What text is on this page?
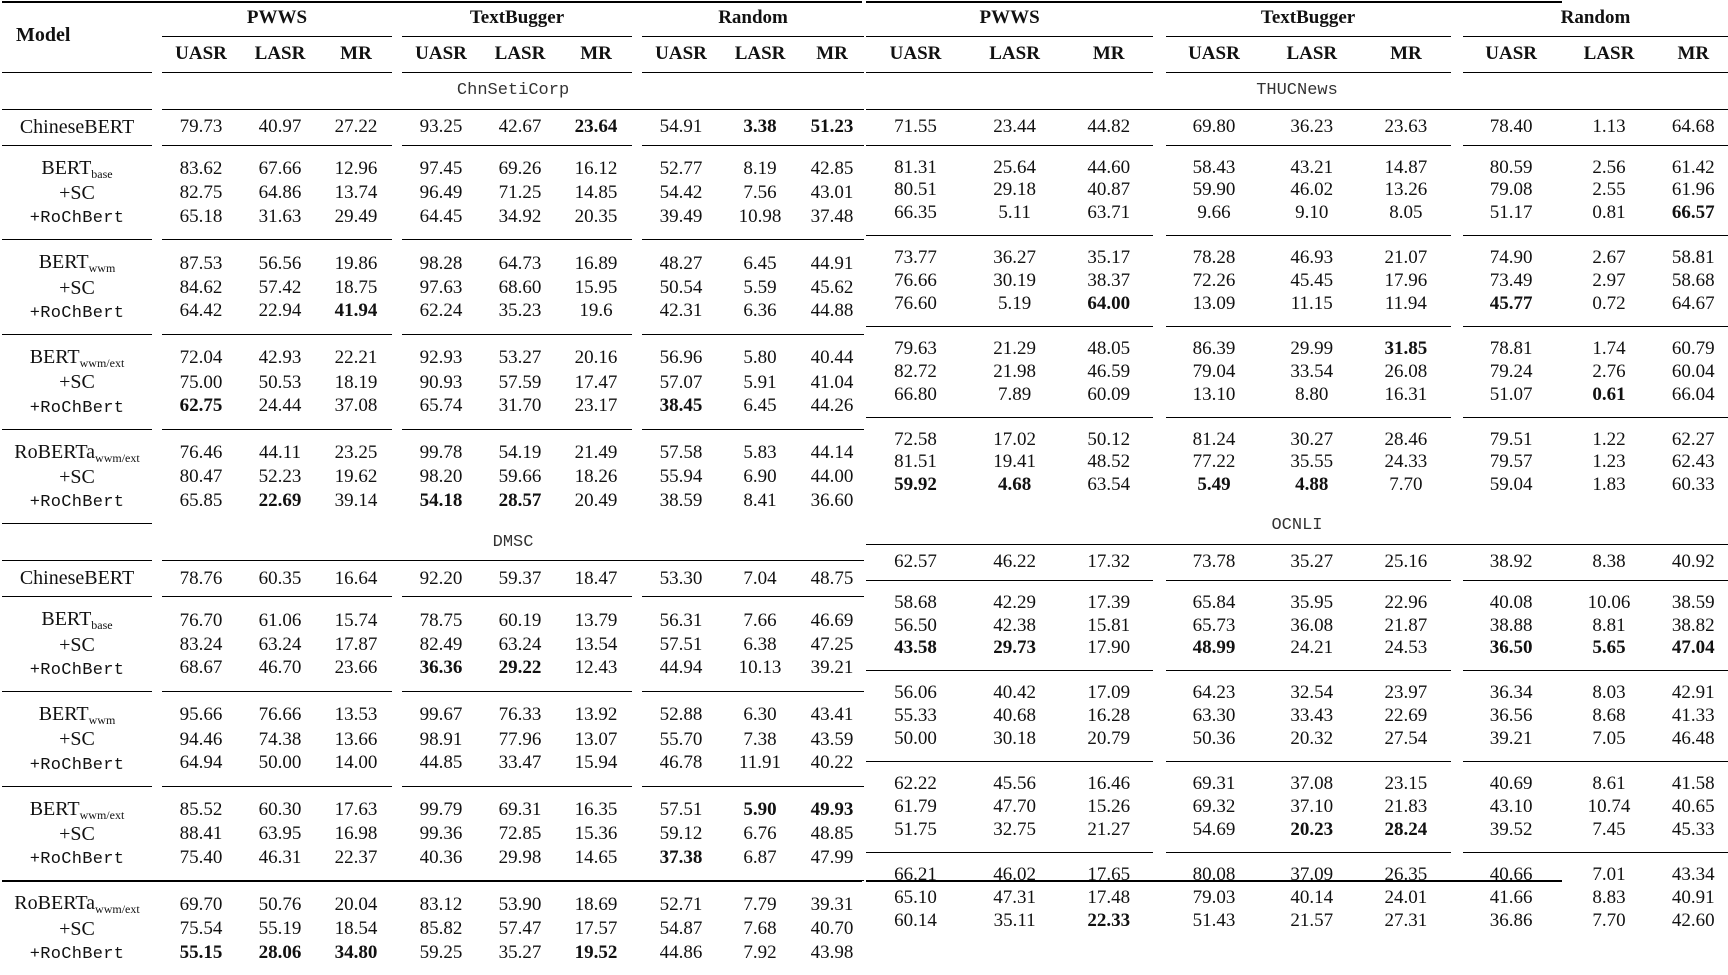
Model		PWWS				TextBugger				Random		
		UASR	LASR	MR		UASR	LASR	MR		UASR	LASR	MR
		ChnSetiCorp										
ChineseBERT		79.73	40.97	27.22		93.25	42.67	23.64		54.91	3.38	51.23
$BERT_{base}$		83.62	67.66	12.96		97.45	69.26	16.12		52.77	8.19	42.85
+SC		82.75	64.86	13.74		96.49	71.25	14.85		54.42	7.56	43.01
+RoChBert		65.18	31.63	29.49		64.45	34.92	20.35		39.49	10.98	37.48
$BERT_{wwm}$		87.53	56.56	19.86		98.28	64.73	16.89		48.27	6.45	44.91
+SC		84.62	57.42	18.75		97.63	68.60	15.95		50.54	5.59	45.62
+RoChBert		64.42	22.94	41.94		62.24	35.23	19.6		42.31	6.36	44.88
$BERT_{wwm/ext}$		72.04	42.93	22.21		92.93	53.27	20.16		56.96	5.80	40.44
+SC		75.00	50.53	18.19		90.93	57.59	17.47		57.07	5.91	41.04
+RoChBert		62.75	24.44	37.08		65.74	31.70	23.17		38.45	6.45	44.26
RoBERTa$_{wwm/ext}$		76.46	44.11	23.25		99.78	54.19	21.49		57.58	5.83	44.14
+SC		80.47	52.23	19.62		98.20	59.66	18.26		55.94	6.90	44.00
+RoChBert		65.85	22.69	39.14		54.18	28.57	20.49		38.59	8.41	36.60
		DMSC										
ChineseBERT		78.76	60.35	16.64		92.20	59.37	18.47		53.30	7.04	48.75
$BERT_{base}$		76.70	61.06	15.74		78.75	60.19	13.79		56.31	7.66	46.69
+SC		83.24	63.24	17.87		82.49	63.24	13.54		57.51	6.38	47.25
+RoChBert		68.67	46.70	23.66		36.36	29.22	12.43		44.94	10.13	39.21
$BERT_{wwm}$		95.66	76.66	13.53		99.67	76.33	13.92		52.88	6.30	43.41
+SC		94.46	74.38	13.66		98.91	77.96	13.07		55.70	7.38	43.59
+RoChBert		64.94	50.00	14.00		44.85	33.47	15.94		46.78	11.91	40.22
$BERT_{wwm/ext}$		85.52	60.30	17.63		99.79	69.31	16.35		57.51	5.90	49.93
+SC		88.41	63.95	16.98		99.36	72.85	15.36		59.12	6.76	48.85
+RoChBert		75.40	46.31	22.37		40.36	29.98	14.65		37.38	6.87	47.99
RoBERTa$_{wwm/ext}$		69.70	50.76	20.04		83.12	53.90	18.69		52.71	7.79	39.31
+SC		75.54	55.19	18.54		85.82	57.47	17.57		54.87	7.68	40.70
+RoChBert		55.15	28.06	34.80		59.25	35.27	19.52		44.86	7.92	43.98
PWWS				TextBugger				Random		
UASR	LASR	MR		UASR	LASR	MR		UASR	LASR	MR
THUCNews										
71.55	23.44	44.82		69.80	36.23	23.63		78.40	1.13	64.68
81.31	25.64	44.60		58.43	43.21	14.87		80.59	2.56	61.42
80.51	29.18	40.87		59.90	46.02	13.26		79.08	2.55	61.96
66.35	5.11	63.71		9.66	9.10	8.05		51.17	0.81	66.57
73.77	36.27	35.17		78.28	46.93	21.07		74.90	2.67	58.81
76.66	30.19	38.37		72.26	45.45	17.96		73.49	2.97	58.68
76.60	5.19	64.00		13.09	11.15	11.94		45.77	0.72	64.67
79.63	21.29	48.05		86.39	29.99	31.85		78.81	1.74	60.79
82.72	21.98	46.59		79.04	33.54	26.08		79.24	2.76	60.04
66.80	7.89	60.09		13.10	8.80	16.31		51.07	0.61	66.04
72.58	17.02	50.12		81.24	30.27	28.46		79.51	1.22	62.27
81.51	19.41	48.52		77.22	35.55	24.33		79.57	1.23	62.43
59.92	4.68	63.54		5.49	4.88	7.70		59.04	1.83	60.33
OCNLI										
62.57	46.22	17.32		73.78	35.27	25.16		38.92	8.38	40.92
58.68	42.29	17.39		65.84	35.95	22.96		40.08	10.06	38.59
56.50	42.38	15.81		65.73	36.08	21.87		38.88	8.81	38.82
43.58	29.73	17.90		48.99	24.21	24.53		36.50	5.65	47.04
56.06	40.42	17.09		64.23	32.54	23.97		36.34	8.03	42.91
55.33	40.68	16.28		63.30	33.43	22.69		36.56	8.68	41.33
50.00	30.18	20.79		50.36	20.32	27.54		39.21	7.05	46.48
62.22	45.56	16.46		69.31	37.08	23.15		40.69	8.61	41.58
61.79	47.70	15.26		69.32	37.10	21.83		43.10	10.74	40.65
51.75	32.75	21.27		54.69	20.23	28.24		39.52	7.45	45.33
66.21	46.02	17.65		80.08	37.09	26.35		40.66	7.01	43.34
65.10	47.31	17.48		79.03	40.14	24.01		41.66	8.83	40.91
60.14	35.11	22.33		51.43	21.57	27.31		36.86	7.70	42.60
